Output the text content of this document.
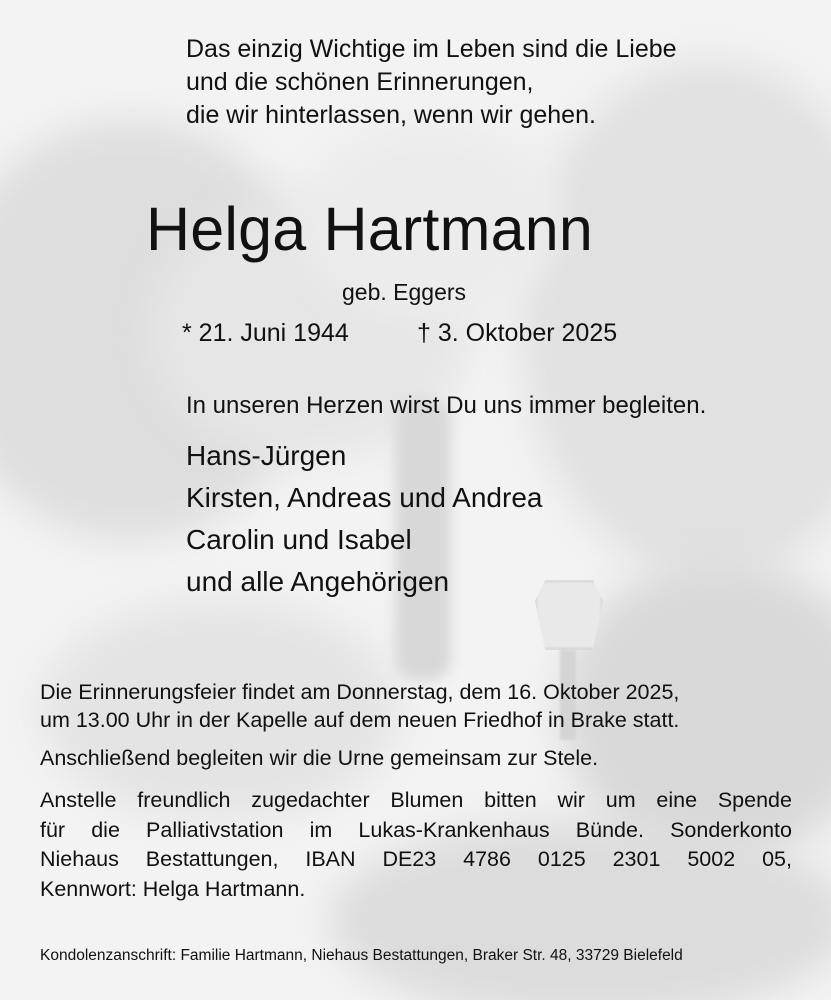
Das einzig Wichtige im Leben sind die Liebe
und die schönen Erinnerungen,
die wir hinterlassen, wenn wir gehen.
Helga Hartmann
geb. Eggers
* 21. Juni 1944	† 3. Oktober 2025
In unseren Herzen wirst Du uns immer begleiten.
Hans-Jürgen
Kirsten, Andreas und Andrea
Carolin und Isabel
und alle Angehörigen
Die Erinnerungsfeier findet am Donnerstag, dem 16. Oktober 2025,
um 13.00 Uhr in der Kapelle auf dem neuen Friedhof in Brake statt.
Anschließend begleiten wir die Urne gemeinsam zur Stele.
Anstelle freundlich zugedachter Blumen bitten wir um eine Spende
für die Palliativstation im Lukas-Krankenhaus Bünde. Sonderkonto
Niehaus Bestattungen, IBAN DE23 4786 0125 2301 5002 05,
Kennwort: Helga Hartmann.
Kondolenzanschrift: Familie Hartmann, Niehaus Bestattungen, Braker Str. 48, 33729 Bielefeld
